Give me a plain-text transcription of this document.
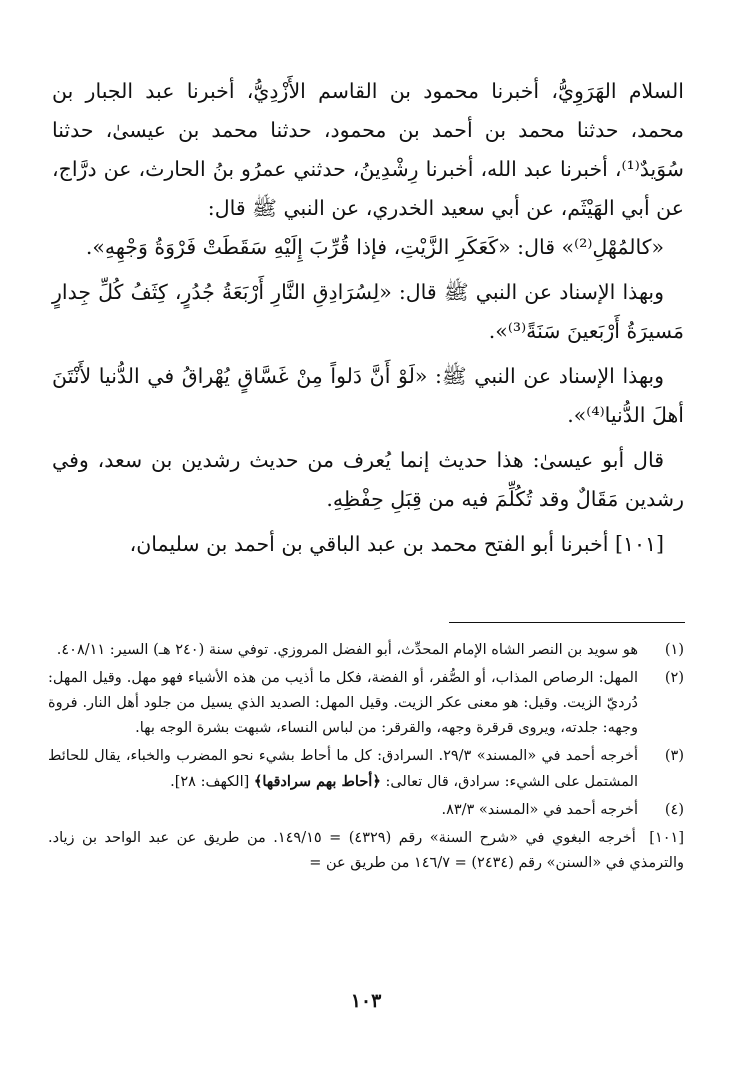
السلام الهَرَوِيُّ، أخبرنا محمود بن القاسم الأَزْدِيُّ، أخبرنا عبد الجبار بن محمد، حدثنا محمد بن أحمد بن محمود، حدثنا محمد بن عيسىٰ، حدثنا سُوَيدٌ⁽¹⁾، أخبرنا عبد الله، أخبرنا رِشْدِينُ، حدثني عمرُو بنُ الحارث، عن درَّاج، عن أبي الهَيْثَم، عن أبي سعيد الخدري، عن النبي ﷺ قال:

«كالمُهْلِ⁽²⁾» قال: «كَعَكَرِ الزَّيْتِ، فإذا قُرِّبَ إِلَيْهِ سَقَطَتْ فَرْوَةُ وَجْهِهِ».

وبهذا الإسناد عن النبي ﷺ قال: «لِسُرَادِقِ النَّارِ أَرْبَعَةُ جُدُرٍ، كِثَفُ كُلِّ جِدارٍ مَسيرَةُ أَرْبَعينَ سَنَةً⁽³⁾».

وبهذا الإسناد عن النبي ﷺ: «لَوْ أَنَّ دَلواً مِنْ غَسَّاقٍ يُهْراقُ في الدُّنيا لأَنْتَنَ أهلَ الدُّنيا⁽⁴⁾».

قال أبو عيسىٰ: هذا حديث إنما يُعرف من حديث رشدين بن سعد، وفي رشدين مَقَالٌ وقد تُكُلِّمَ فيه من قِبَلِ حِفْظِهِ.

[١٠١] أخبرنا أبو الفتح محمد بن عبد الباقي بن أحمد بن سليمان،

(١)

هو سويد بن النصر الشاه الإمام المحدِّث، أبو الفضل المروزي. توفي سنة (٢٤٠ هـ) السير: ٤٠٨/١١.

(٢)

المهل: الرصاص المذاب، أو الصُّفر، أو الفضة، فكل ما أذيب من هذه الأشياء فهو مهل. وقيل المهل: دُرديّ الزيت. وقيل: هو معنى عكر الزيت. وقيل المهل: الصديد الذي يسيل من جلود أهل النار. فروة وجهه: جلدته، ويروى قرقرة وجهه، والقرقر: من لباس النساء، شبهت بشرة الوجه بها.

(٣)

أخرجه أحمد في «المسند» ٢٩/٣. السرادق: كل ما أحاط بشيء نحو المضرب والخباء، يقال للحائط المشتمل على الشيء: سرادق، قال تعالى: ﴿أحاط بهم سرادقها﴾ [الكهف: ٢٨].

(٤)

أخرجه أحمد في «المسند» ٨٣/٣.

[١٠١] أخرجه البغوي في «شرح السنة» رقم (٤٣٢٩) = ١٤٩/١٥. من طريق عن عبد الواحد بن زياد. والترمذي في «السنن» رقم (٢٤٣٤) = ١٤٦/٧ من طريق عن =
١٠٣
